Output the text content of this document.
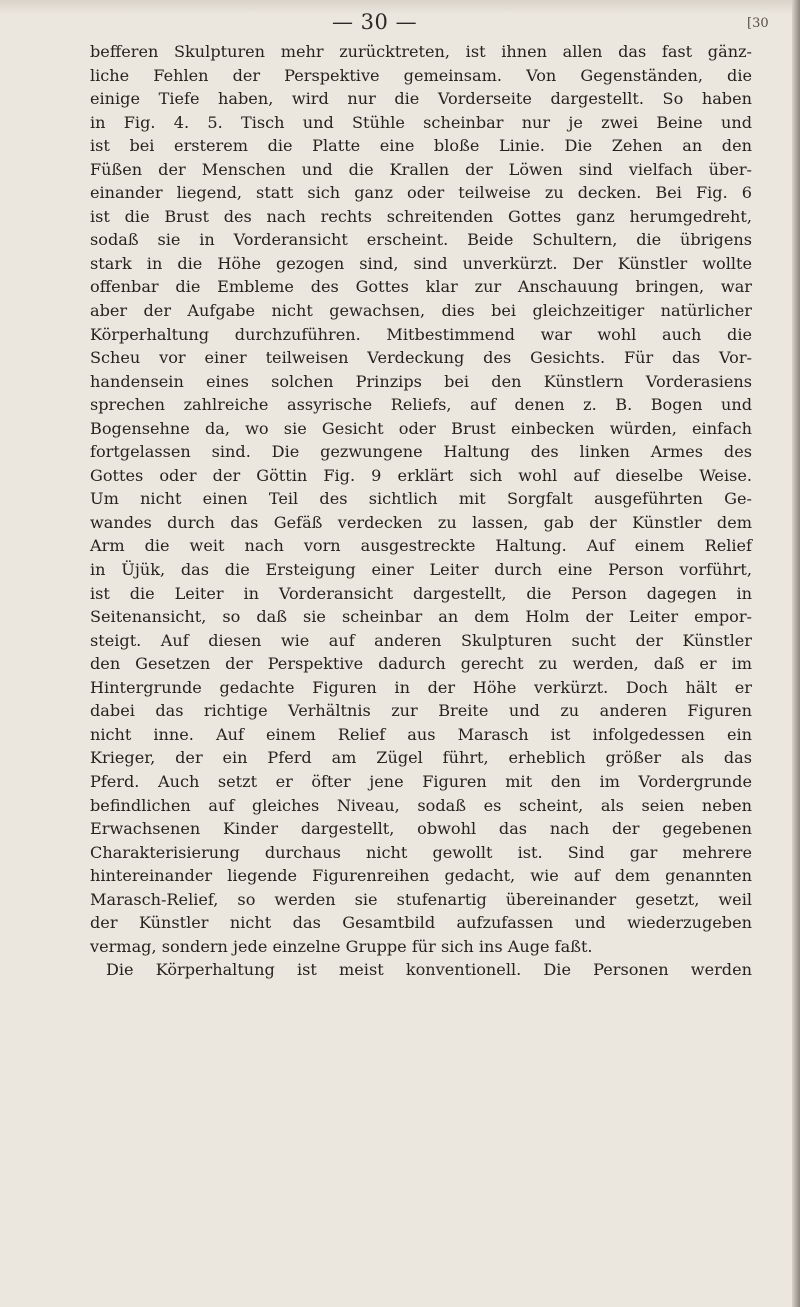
— 30 —	[30
befferen Skulpturen mehr zurücktreten, ist ihnen allen das fast gänz-
liche Fehlen der Perspektive gemeinsam. Von Gegenständen, die
einige Tiefe haben, wird nur die Vorderseite dargestellt. So haben
in Fig. 4. 5. Tisch und Stühle scheinbar nur je zwei Beine und
ist bei ersterem die Platte eine bloße Linie. Die Zehen an den
Füßen der Menschen und die Krallen der Löwen sind vielfach über-
einander liegend, statt sich ganz oder teilweise zu decken. Bei Fig. 6
ist die Brust des nach rechts schreitenden Gottes ganz herumgedreht,
sodaß sie in Vorderansicht erscheint. Beide Schultern, die übrigens
stark in die Höhe gezogen sind, sind unverkürzt. Der Künstler wollte
offenbar die Embleme des Gottes klar zur Anschauung bringen, war
aber der Aufgabe nicht gewachsen, dies bei gleichzeitiger natürlicher
Körperhaltung durchzuführen. Mitbestimmend war wohl auch die
Scheu vor einer teilweisen Verdeckung des Gesichts. Für das Vor-
handensein eines solchen Prinzips bei den Künstlern Vorderasiens
sprechen zahlreiche assyrische Reliefs, auf denen z. B. Bogen und
Bogensehne da, wo sie Gesicht oder Brust einbecken würden, einfach
fortgelassen sind. Die gezwungene Haltung des linken Armes des
Gottes oder der Göttin Fig. 9 erklärt sich wohl auf dieselbe Weise.
Um nicht einen Teil des sichtlich mit Sorgfalt ausgeführten Ge-
wandes durch das Gefäß verdecken zu lassen, gab der Künstler dem
Arm die weit nach vorn ausgestreckte Haltung. Auf einem Relief
in Üjük, das die Ersteigung einer Leiter durch eine Person vorführt,
ist die Leiter in Vorderansicht dargestellt, die Person dagegen in
Seitenansicht, so daß sie scheinbar an dem Holm der Leiter empor-
steigt. Auf diesen wie auf anderen Skulpturen sucht der Künstler
den Gesetzen der Perspektive dadurch gerecht zu werden, daß er im
Hintergrunde gedachte Figuren in der Höhe verkürzt. Doch hält er
dabei das richtige Verhältnis zur Breite und zu anderen Figuren
nicht inne. Auf einem Relief aus Marasch ist infolgedessen ein
Krieger, der ein Pferd am Zügel führt, erheblich größer als das
Pferd. Auch setzt er öfter jene Figuren mit den im Vordergrunde
befindlichen auf gleiches Niveau, sodaß es scheint, als seien neben
Erwachsenen Kinder dargestellt, obwohl das nach der gegebenen
Charakterisierung durchaus nicht gewollt ist. Sind gar mehrere
hintereinander liegende Figurenreihen gedacht, wie auf dem genannten
Marasch-Relief, so werden sie stufenartig übereinander gesetzt, weil
der Künstler nicht das Gesamtbild aufzufassen und wiederzugeben
vermag, sondern jede einzelne Gruppe für sich ins Auge faßt.
Die Körperhaltung ist meist konventionell. Die Personen werden
